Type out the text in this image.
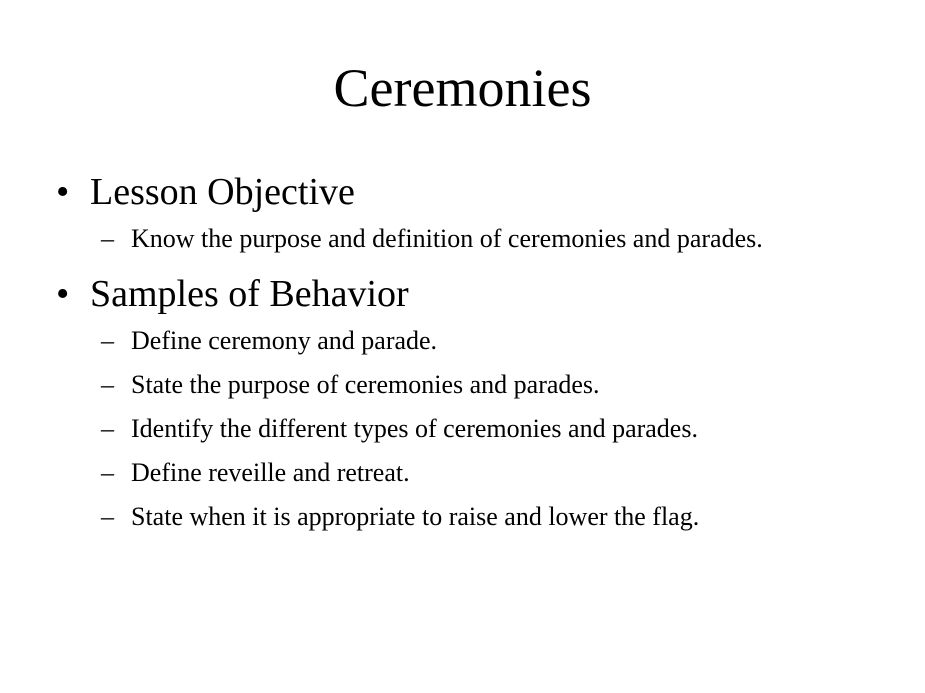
Ceremonies
• Lesson Objective
– Know the purpose and definition of ceremonies and parades.
• Samples of Behavior
– Define ceremony and parade.
– State the purpose of ceremonies and parades.
– Identify the different types of ceremonies and parades.
– Define reveille and retreat.
– State when it is appropriate to raise and lower the flag.
